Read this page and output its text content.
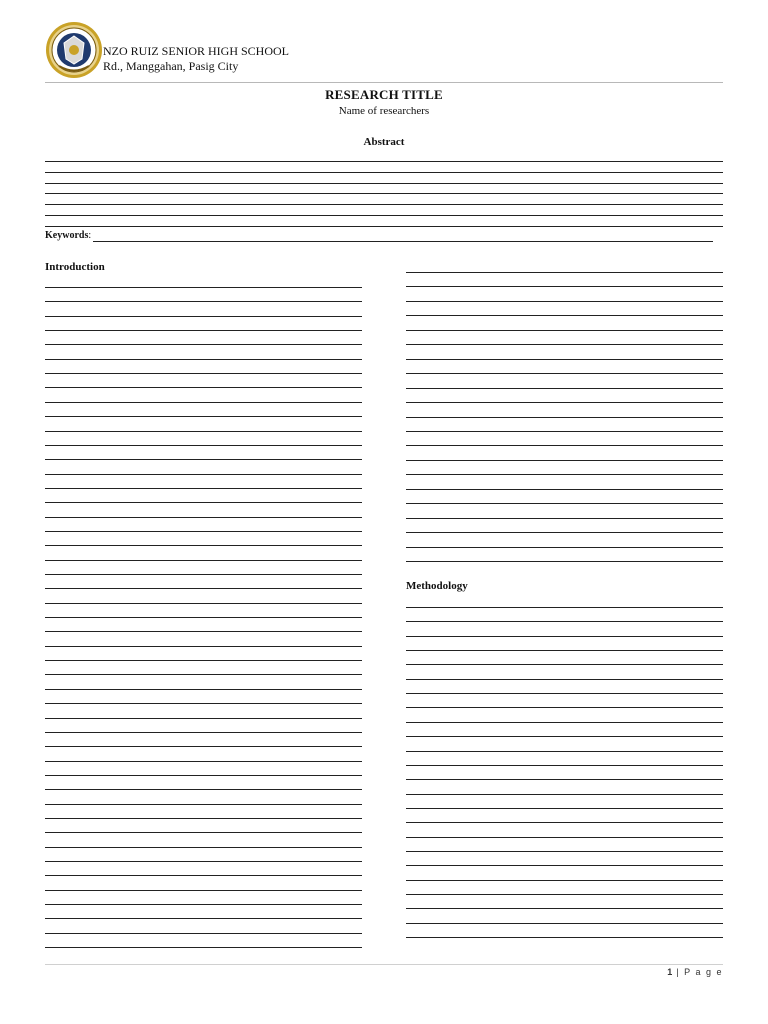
NZO RUIZ SENIOR HIGH SCHOOL
Rd., Manggahan, Pasig City
RESEARCH TITLE
Name of researchers
Abstract
Keywords :
Introduction
Methodology
1 | P a g e
